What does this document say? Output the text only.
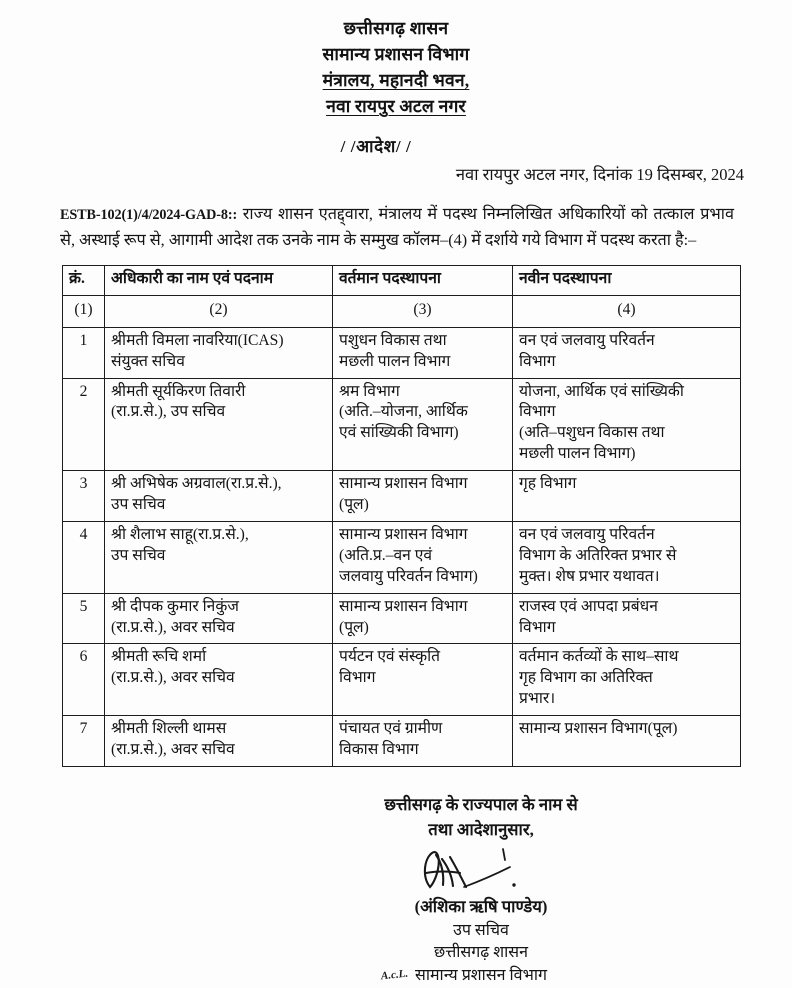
छत्तीसगढ़ शासन
सामान्य प्रशासन विभाग
मंत्रालय, महानदी भवन,
नवा रायपुर अटल नगर
/ /आदेश/ /
नवा रायपुर अटल नगर, दिनांक 19 दिसम्बर, 2024

ESTB-102(1)/4/2024-GAD-8:: राज्य शासन एतद्द्वारा, मंत्रालय में पदस्थ निम्नलिखित अधिकारियों को तत्काल प्रभाव से, अस्थाई रूप से, आगामी आदेश तक उनके नाम के सम्मुख कॉलम–(4) में दर्शाये गये विभाग में पदस्थ करता है:–

क्रं.	अधिकारी का नाम एवं पदनाम	वर्तमान पदस्थापना	नवीन पदस्थापना
(1)	(2)	(3)	(4)
1	श्रीमती विमला नावरिया(ICAS)
संयुक्त सचिव	पशुधन विकास तथा
मछली पालन विभाग	वन एवं जलवायु परिवर्तन
विभाग

2	श्रीमती सूर्यकिरण तिवारी
(रा.प्र.से.), उप सचिव	श्रम विभाग
(अति.–योजना, आर्थिक
एवं सांख्यिकी विभाग)	योजना, आर्थिक एवं सांख्यिकी
विभाग
(अति–पशुधन विकास तथा
मछली पालन विभाग)

3	श्री अभिषेक अग्रवाल(रा.प्र.से.),
उप सचिव	सामान्य प्रशासन विभाग
(पूल)	गृह विभाग

4	श्री शैलाभ साहू(रा.प्र.से.),
उप सचिव	सामान्य प्रशासन विभाग
(अति.प्र.–वन एवं
जलवायु परिवर्तन विभाग)	वन एवं जलवायु परिवर्तन
विभाग के अतिरिक्त प्रभार से
मुक्त। शेष प्रभार यथावत।

5	श्री दीपक कुमार निकुंज
(रा.प्र.से.), अवर सचिव	सामान्य प्रशासन विभाग
(पूल)	राजस्व एवं आपदा प्रबंधन
विभाग

6	श्रीमती रूचि शर्मा
(रा.प्र.से.), अवर सचिव	पर्यटन एवं संस्कृति
विभाग	वर्तमान कर्तव्यों के साथ–साथ
गृह विभाग का अतिरिक्त
प्रभार।

7	श्रीमती शिल्ली थामस
(रा.प्र.से.), अवर सचिव	पंचायत एवं ग्रामीण
विकास विभाग	सामान्य प्रशासन विभाग(पूल)
छत्तीसगढ़ के राज्यपाल के नाम से
तथा आदेशानुसार,
(अंशिका ऋषि पाण्डेय)
उप सचिव
छत्तीसगढ़ शासन
A.c.L. सामान्य प्रशासन विभाग
